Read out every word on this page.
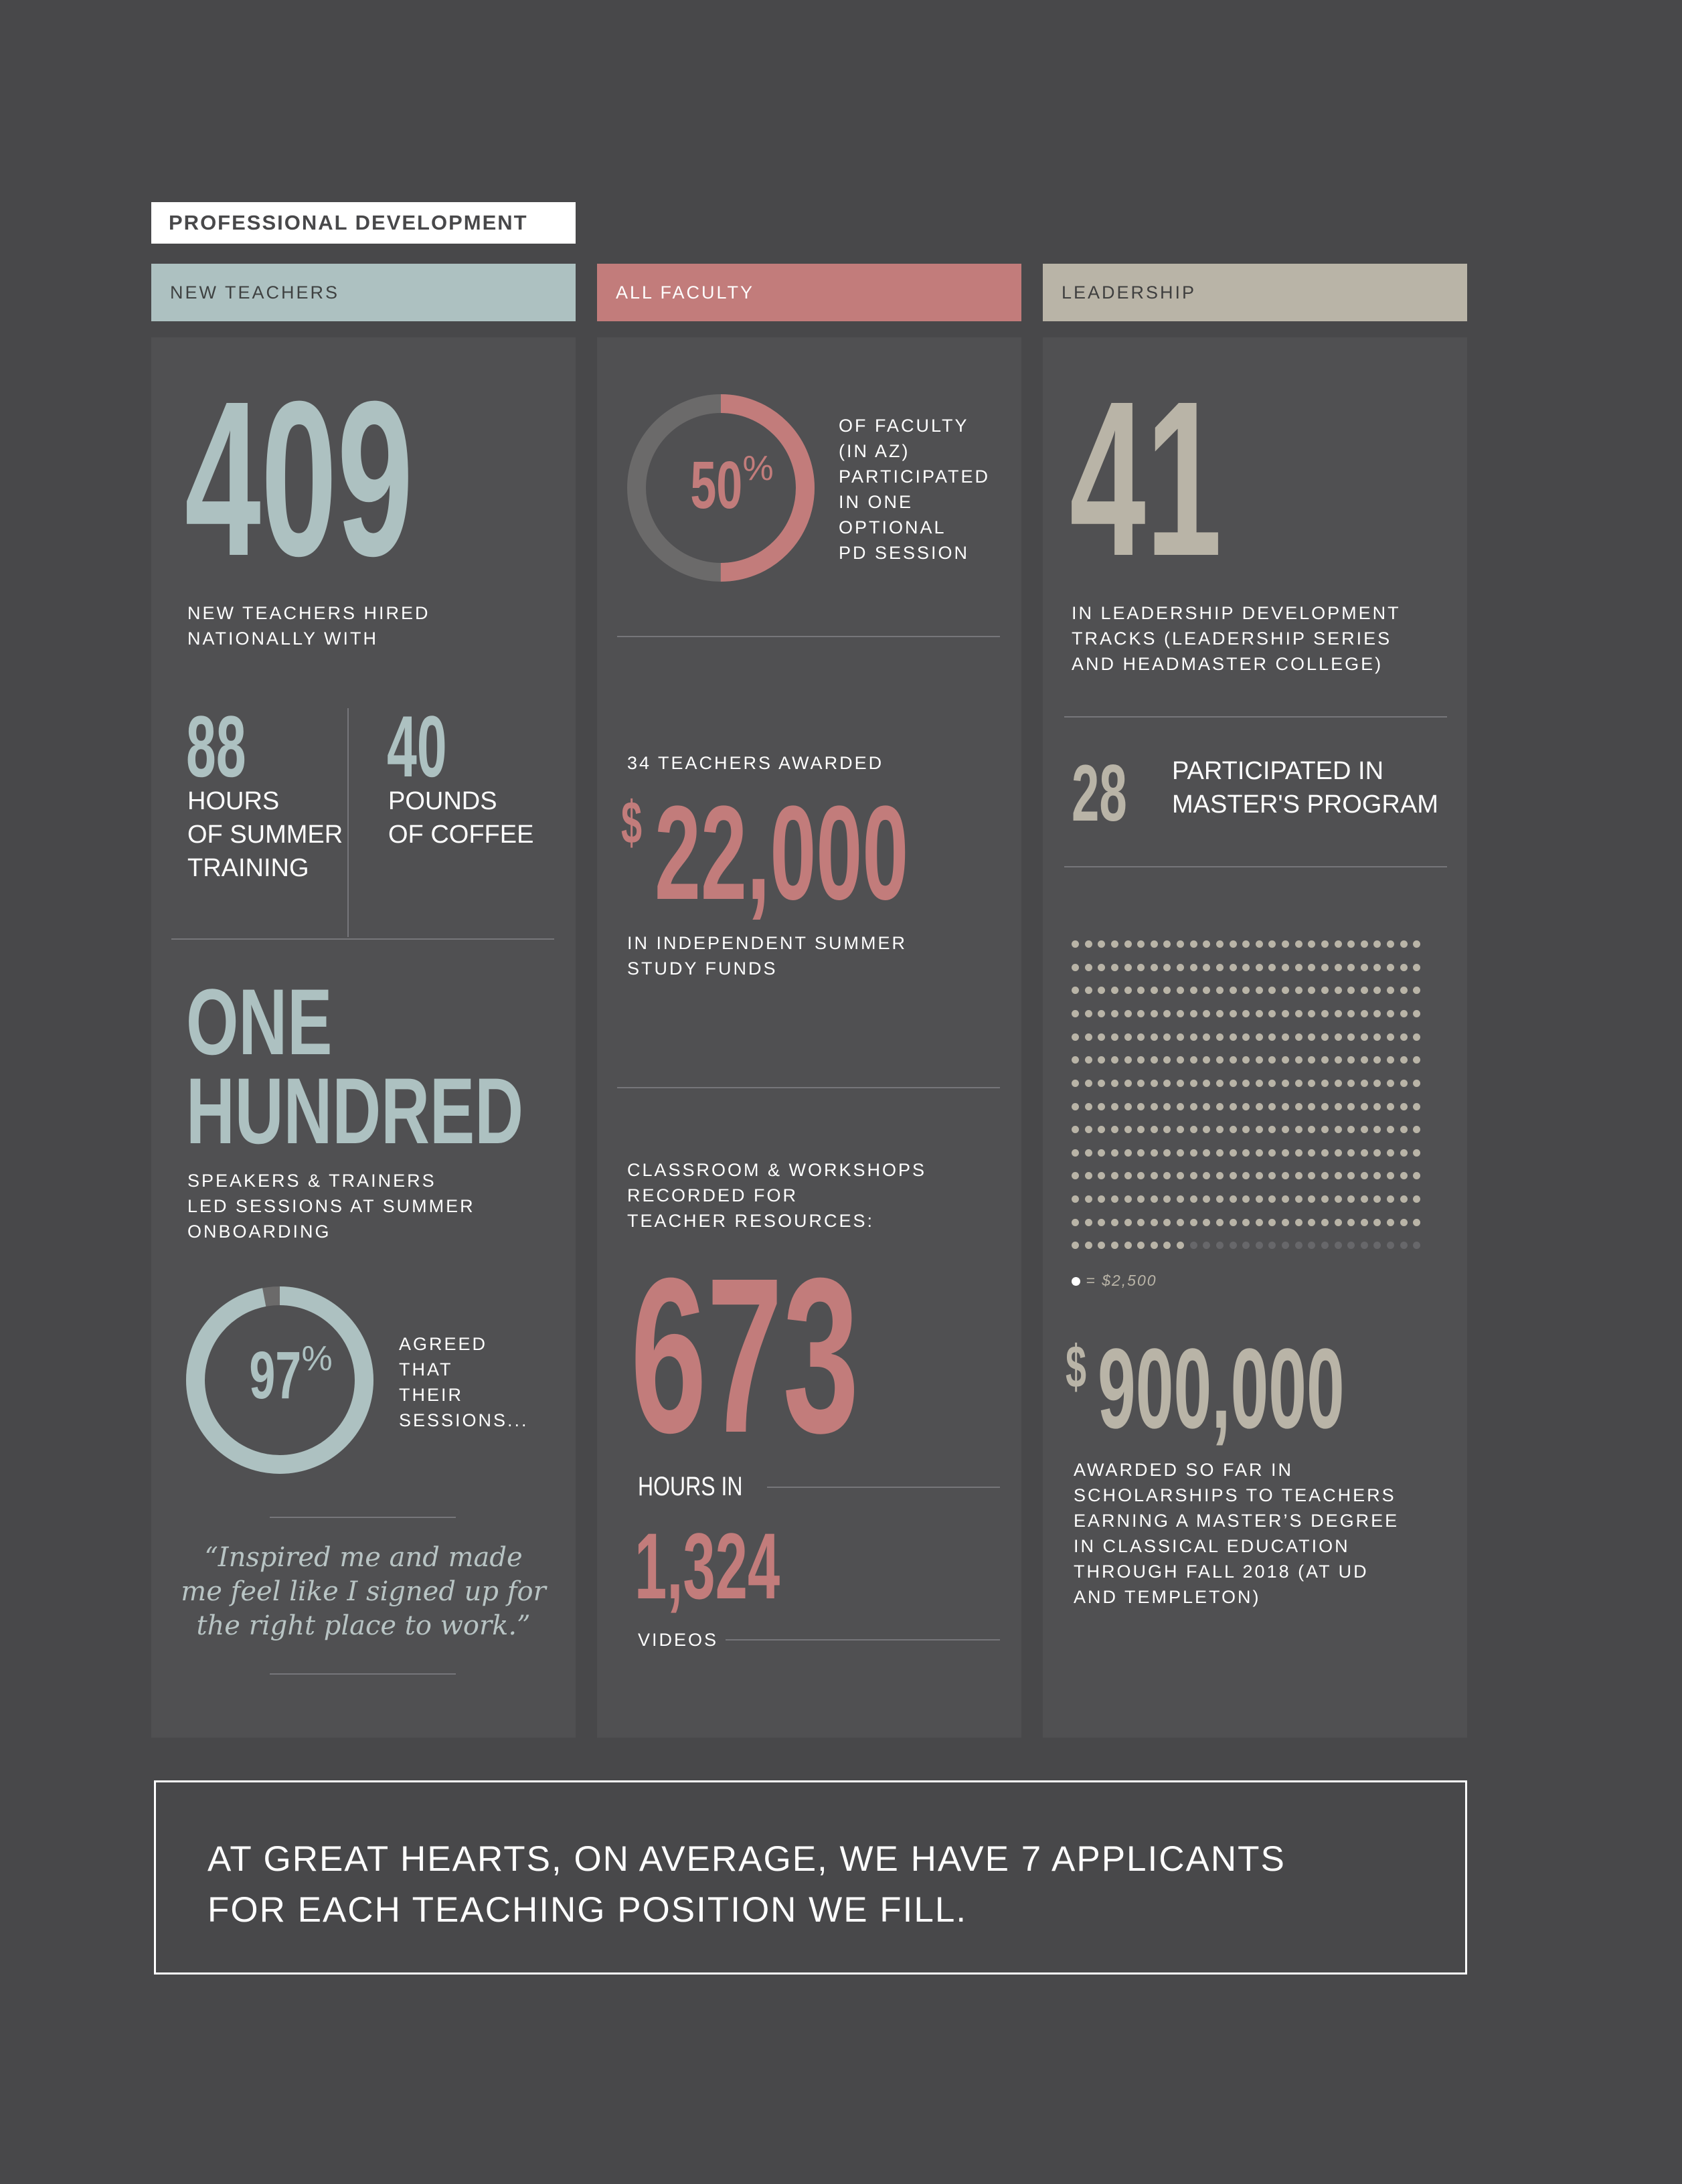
PROFESSIONAL DEVELOPMENT
NEW TEACHERS	ALL FACULTY	LEADERSHIP
409
NEW TEACHERS HIRED
NATIONALLY WITH
88
HOURS
OF SUMMER
TRAINING
40
POUNDS
OF COFFEE
ONE
HUNDRED
SPEAKERS & TRAINERS
LED SESSIONS AT SUMMER
ONBOARDING
97%	AGREED
THAT
THEIR
SESSIONS...
“Inspired me and made
me feel like I signed up for
the right place to work.”
50%
OF FACULTY
(IN AZ)
PARTICIPATED
IN ONE
OPTIONAL
PD SESSION
34 TEACHERS AWARDED
$ 22,000
IN INDEPENDENT SUMMER
STUDY FUNDS
CLASSROOM & WORKSHOPS
RECORDED FOR
TEACHER RESOURCES:
673
HOURS IN
1,324
VIDEOS
41
IN LEADERSHIP DEVELOPMENT
TRACKS (LEADERSHIP SERIES
AND HEADMASTER COLLEGE)
28 PARTICIPATED IN
MASTER'S PROGRAM
= $2,500
$ 900,000
AWARDED SO FAR IN
SCHOLARSHIPS TO TEACHERS
EARNING A MASTER’S DEGREE
IN CLASSICAL EDUCATION
THROUGH FALL 2018 (AT UD
AND TEMPLETON)
AT GREAT HEARTS, ON AVERAGE, WE HAVE 7 APPLICANTS
FOR EACH TEACHING POSITION WE FILL.
